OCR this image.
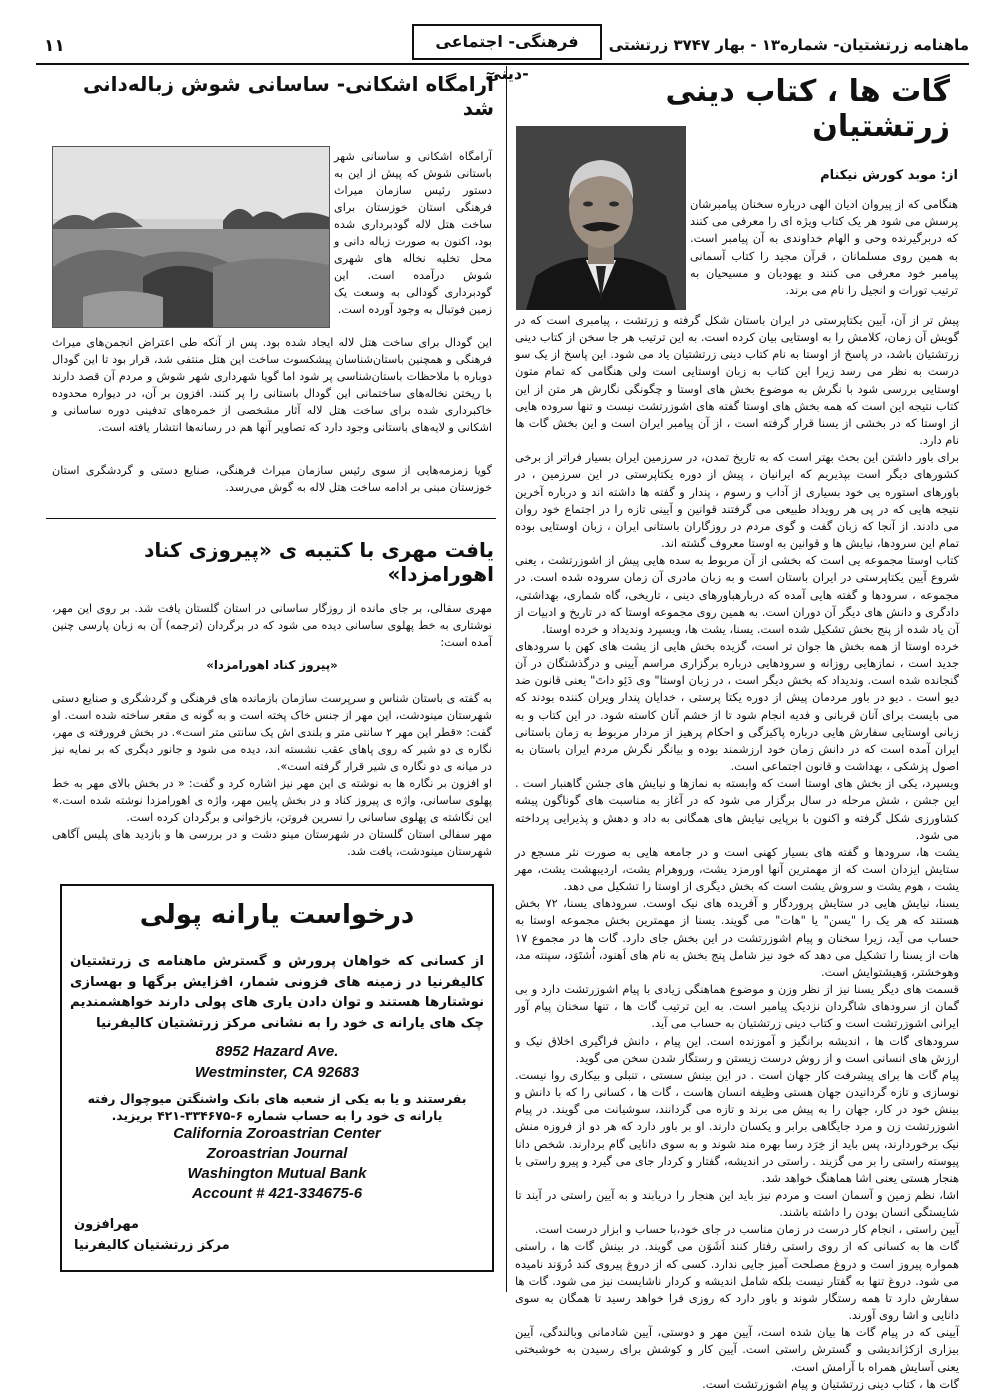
۱۱	فرهنگی- اجتماعی -دینی
ماهنامه زرتشتیان- شماره۱۳ - بهار ۳۷۴۷ زرتشتی
گات ها ، کتاب دینی زرتشتیان
از: موبد کورش نیکنام
هنگامی که از پیروان ادیان الهی درباره سخنان پیامبرشان پرسش می شود هر یک کتاب ویژه ای را معرفی می کنند که دربرگیرنده وحی و الهام خداوندی به آن پیامبر است. به همین روی مسلمانان ، قرآن مجید را کتاب آسمانی پیامبر خود معرفی می کنند و یهودیان و مسیحیان به ترتیب تورات و انجیل را نام می برند.

پیش تر از آن، آیین یکتاپرستی در ایران باستان شکل گرفته و زرتشت ، پیامبری است که در گویش آن زمان، کلامش را به اوستایی بیان کرده است. به این ترتیب هر جا سخن از کتاب دینی زرتشتیان باشد، در پاسخ از اوستا به نام کتاب دینی زرتشتیان یاد می شود. این پاسخ از یک سو درست به نظر می رسد زیرا این کتاب به زبان اوستایی است ولی هنگامی که تمام متون اوستایی بررسی شود با نگرش به موضوع بخش های اوستا و چگونگی نگارش هر متن از این کتاب نتیجه این است که همه بخش های اوستا گفته های اشوزرتشت نیست و تنها سروده هایی از اوستا که در بخشی از یسنا قرار گرفته است ، از آن پیامبر ایران است و این بخش گات ها نام دارد.

برای باور داشتن این بحث بهتر است که به تاریخ تمدن، در سرزمین ایران بسیار فراتر از برخی کشورهای دیگر است بپذیریم که ایرانیان ، پیش از دوره یکتاپرستی در این سرزمین ، در باورهای استوره یی خود بسیاری از آداب و رسوم ، پندار و گفته ها داشته اند و درباره آخرین نتیجه هایی که در پی هر رویداد طبیعی می گرفتند قوانین و آیینی تازه را در اجتماع خود روان می دادند. از آنجا که زبان گفت و گوی مردم در روزگاران باستانی ایران ، زبان اوستایی بوده تمام این سرودها، نیایش ها و قوانین به اوستا معروف گشته اند.

کتاب اوستا مجموعه یی است که بخشی از آن مربوط به سده هایی پیش از اشوزرتشت ، یعنی شروع آیین یکتاپرستی در ایران باستان است و به زبان مادری آن زمان سروده شده است. در مجموعه ، سرودها و گفته هایی آمده که دربارهباورهای دینی ، تاریخی، گاه شماری، بهداشتی، دادگری و دانش های دیگر آن دوران است. به همین روی مجموعه اوستا که در تاریخ و ادبیات از آن یاد شده از پنج بخش تشکیل شده است. یسنا، یشت ها، ویسپرد وندیداد و خرده اوستا.

خرده اوستا از همه بخش ها جوان تر است، گزیده بخش هایی از یشت های کهن با سرودهای جدید است ، نمازهایی روزانه و سرودهایی درباره برگزاری مراسم آیینی و درگذشتگان در آن گنجانده شده است. وندیداد که بخش دیگر است ، در زبان اوستا" وی دَئِو داتَ" یعنی قانون ضد دیو است . دیو در باور مردمان پیش از دوره یکتا پرستی ، خدایان پندار ویران کننده بودند که می بایست برای آنان قربانی و فدیه انجام شود تا از خشم آنان کاسته شود. در این کتاب و به زبانی اوستایی سفارش هایی درباره پاکیزگی و احکام پرهیز از مردار مربوط به زمان باستانی ایران آمده است که در دانش زمان خود ارزشمند بوده و بیانگر نگرش مردم ایران باستان به اصول پزشکی ، بهداشت و قانون اجتماعی است.

ویسپرد، یکی از بخش های اوستا است که وابسته به نمازها و نیایش های جشن گاهنبار است . این جشن ، شش مرحله در سال برگزار می شود که در آغاز به مناسبت های گوناگون پیشه کشاورزی شکل گرفته و اکنون با برپایی نیایش های همگانی به داد و دهش و پذیرایی پرداخته می شود.

یشت ها، سرودها و گفته های بسیار کهنی است و در جامعه هایی به صورت نثر مسجع در ستایش ایزدان است که از مهمترین آنها اورمزد یشت، وروهرام یشت، اردیبهشت یشت، مهر یشت ، هوم یشت و سروش یشت است که بخش دیگری از اوستا را تشکیل می دهد.

یسنا، نیایش هایی در ستایش پروردگار و آفریده های نیک اوست. سرودهای یسنا، ۷۲ بخش هستند که هر یک را "یسن" یا "هات" می گویند. یسنا از مهمترین بخش مجموعه اوستا به حساب می آید، زیرا سخنان و پیام اشوزرتشت در این بخش جای دارد. گات ها در مجموع ۱۷ هات از یسنا را تشکیل می دهد که خود نیز شامل پنج بخش به نام های اَهنود، اُشتَوَد، سپنته مد، وهوخشتر، وَهیشتوایش است.

قسمت های دیگر یسنا نیز از نظر وزن و موضوع هماهنگی زیادی با پیام اشوزرتشت دارد و بی گمان از سرودهای شاگردان نزدیک پیامبر است. به این ترتیب گات ها ، تنها سخنان پیام آور ایرانی اشوزرتشت است و کتاب دینی زرتشتیان به حساب می آید.

سرودهای گات ها ، اندیشه برانگیز و آموزنده است. این پیام ، دانش فراگیری اخلاق نیک و ارزش های انسانی است و از روش درست زیستن و رستگار شدن سخن می گوید.

پیام گات ها برای پیشرفت کار جهان است . در این بینش سستی ، تنبلی و بیکاری روا نیست. نوسازی و تازه گردانیدن جهان هستی وظیفه انسان هاست ، گات ها ، کسانی را که با دانش و بینش خود در کار، جهان را به پیش می برند و تازه می گردانند، سوشیانت می گویند. در پیام اشوزرتشت زن و مرد جایگاهی برابر و یکسان دارند. او بر باور دارد که هر دو از فروزه منش نیک برخوردارند، پس باید از خِرَد رسا بهره مند شوند و به سوی دانایی گام بردارند. شخص دانا پیوسته راستی را بر می گزیند . راستی در اندیشه، گفتار و کردار جای می گیرد و پیرو راستی با هنجار هستی یعنی اشا هماهنگ خواهد شد.

اشا، نظم زمین و آسمان است و مردم نیز باید این هنجار را دریابند و به آیین راستی در آیند تا شایستگی انسان بودن را داشته باشند.

آیین راستی ، انجام کار درست در زمان مناسب در جای خود،با حساب و ابزار درست است.

گات ها به کسانی که از روی راستی رفتار کنند اَشَوَن می گویند. در بینش گات ها ، راستی همواره پیروز است و دروغ مصلحت آمیز جایی ندارد. کسی که از دروغ پیروی کند دُروَند نامیده می شود. دروغ تنها به گفتار نیست بلکه شامل اندیشه و کردار ناشایست نیز می شود. گات ها سفارش دارد تا همه رستگار شوند و باور دارد که روزی فرا خواهد رسید تا همگان به سوی دانایی و اشا روی آورند.

آیینی که در پیام گات ها بیان شده است، آیین مهر و دوستی، آیین شادمانی وبالندگی، آیین بیزاری ازکژاندیشی و گسترش راستی است. آیین کار و کوشش برای رسیدن به خوشبختی یعنی آسایش همراه با آرامش است.

گات ها ، کتاب دینی زرتشتیان و پیام اشوزرتشت است.

آرامگاه اشکانی- ساسانی شوش زباله‌دانی شد
آرامگاه اشکانی و ساسانی شهر باستانی شوش که پیش از این به دستور رئیس سازمان میراث فرهنگی استان خوزستان برای ساخت هتل لاله گودبرداری شده بود، اکنون به صورت زباله دانی و محل تخلیه نخاله های شهری شوش درآمده است. این گودبرداری گودالی به وسعت یک زمین فوتبال به وجود آورده است.
این گودال برای ساخت هتل لاله ایجاد شده بود. پس از آنکه طی اعتراض انجمن‌های میراث فرهنگی و همچنین باستان‌شناسان پیشکسوت ساخت این هتل منتفی شد، قرار بود تا این گودال دوباره با ملاحظات باستان‌شناسی پر شود اما گویا شهرداری شهر شوش و مردم آن قصد دارند با ریختن نخاله‌های ساختمانی این گودال باستانی را پر کنند. افزون بر آن، در دیواره محدوده خاکبرداری شده برای ساخت هتل لاله آثار مشخصی از خمره‌های تدفینی دوره ساسانی و اشکانی و لایه‌های باستانی وجود دارد که تصاویر آنها هم در رسانه‌ها انتشار یافته است.
گویا زمزمه‌هایی از سوی رئیس سازمان میراث فرهنگی، صنایع دستی و گردشگری استان خوزستان مبنی بر ادامه ساخت هتل لاله به گوش می‌رسد.
یافت مهری با کتیبه ی «پیروزی کناد اهورامزدا»
مهری سفالی، بر جای مانده از روزگار ساسانی در استان گلستان یافت شد. بر روی این مهر، نوشتاری به خط پهلوی ساسانی دیده می شود که در برگردان (ترجمه) آن به زبان پارسی چنین آمده است:
«پیروز کناد اهورامزدا»

به گفته ی باستان شناس و سرپرست سازمان بازمانده های فرهنگی و گردشگری و صنایع دستی شهرستان مینودشت، این مهر از جنس خاک پخته است و به گونه ی مقعر ساخته شده است. او گفت: «قطر این مهر ۲ سانتی متر و بلندی اش یک سانتی متر است». در بخش فرورفته ی مهر، نگاره ی دو شیر که روی پاهای عقب نشسته اند، دیده می شود و جانور دیگری که بر نمایه نیز در میانه ی دو نگاره ی شیر قرار گرفته است».

او افزون بر نگاره ها به نوشته ی این مهر نیز اشاره کرد و گفت: « در بخش بالای مهر به خط پهلوی ساسانی، واژه ی پیروز کناد و در بخش پایین مهر، واژه ی اهورامزدا نوشته شده است.» این نگاشته ی پهلوی ساسانی را نسرین فروتن، بازخوانی و برگردان کرده است.

مهر سفالی استان گلستان در شهرستان مینو دشت و در بررسی ها و بازدید های پلیس آگاهی شهرستان مینودشت، یافت شد.

درخواست یارانه پولی
از کسانی که خواهان پرورش و گسترش ماهنامه ی زرتشتیان کالیفرنیا در زمینه های فزونی شمار، افزایش برگها و بهسازی نوشتارها هستند و توان دادن یاری های پولی دارند خواهشمندیم چک های یارانه ی خود را به نشانی مرکز زرتشتیان کالیفرنیا
8952 Hazard Ave.
Westminster, CA 92683
بفرستند و یا به یکی از شعبه های بانک واشنگتن میوچوال رفته یارانه ی خود را به حساب شماره ۶-۳۳۴۶۷۵-۴۲۱ بریزید.
California Zoroastrian Center
Zoroastrian Journal
Washington Mutual Bank
Account # 421-334675-6
مهرافزون
مرکز زرتشتیان کالیفرنیا
